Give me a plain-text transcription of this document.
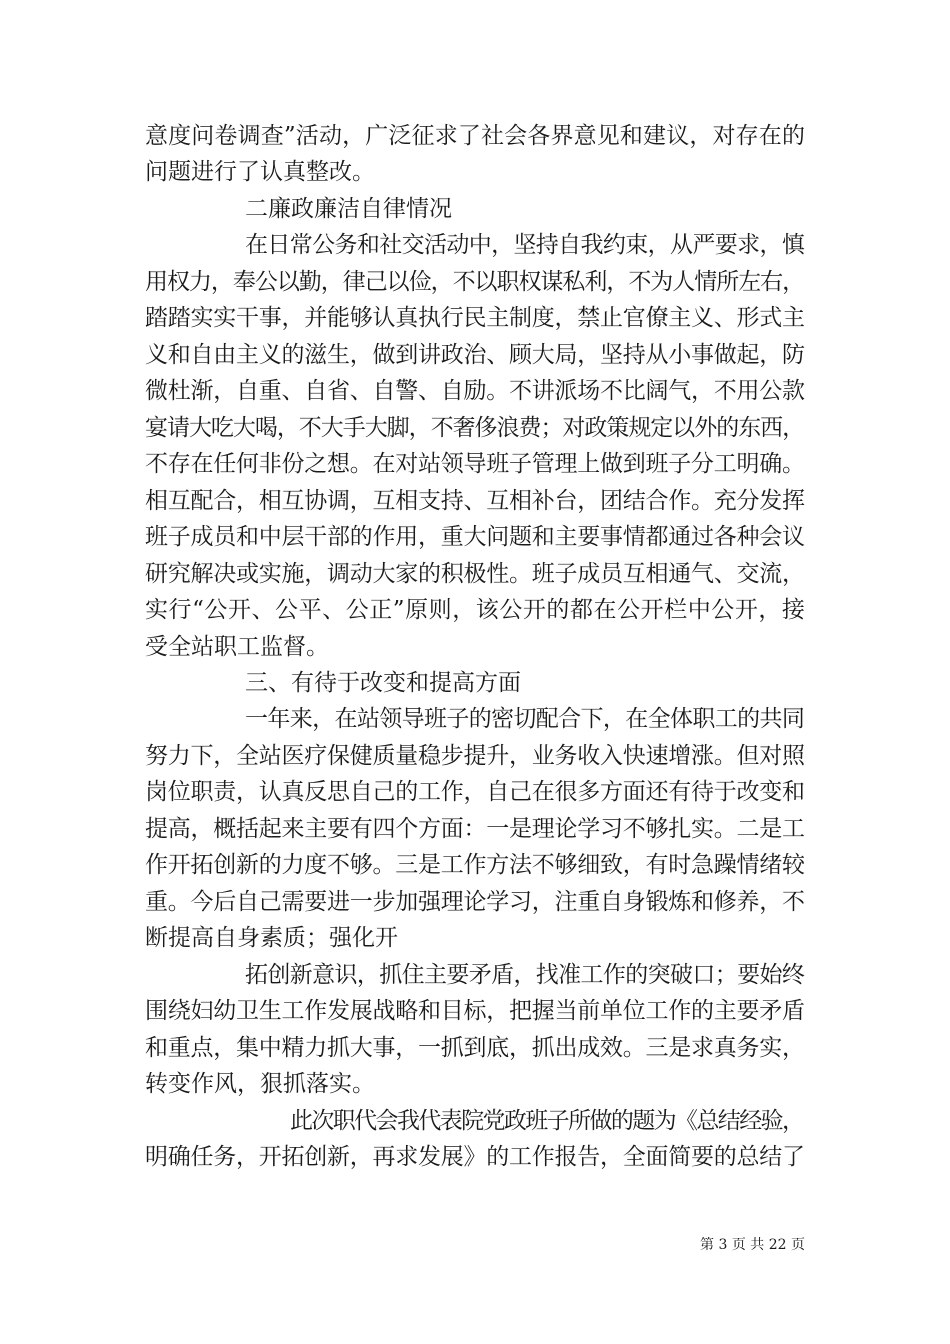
意度问卷调查”活动，广泛征求了社会各界意见和建议，对存在的
问题进行了认真整改。
二廉政廉洁自律情况
在日常公务和社交活动中，坚持自我约束，从严要求，慎
用权力，奉公以勤，律己以俭，不以职权谋私利，不为人情所左右，
踏踏实实干事，并能够认真执行民主制度，禁止官僚主义、形式主
义和自由主义的滋生，做到讲政治、顾大局，坚持从小事做起，防
微杜渐，自重、自省、自警、自励。不讲派场不比阔气，不用公款
宴请大吃大喝，不大手大脚，不奢侈浪费；对政策规定以外的东西，
不存在任何非份之想。在对站领导班子管理上做到班子分工明确。
相互配合，相互协调，互相支持、互相补台，团结合作。充分发挥
班子成员和中层干部的作用，重大问题和主要事情都通过各种会议
研究解决或实施，调动大家的积极性。班子成员互相通气、交流，
实行“公开、公平、公正”原则，该公开的都在公开栏中公开，接
受全站职工监督。
三、有待于改变和提高方面
一年来，在站领导班子的密切配合下，在全体职工的共同
努力下，全站医疗保健质量稳步提升，业务收入快速增涨。但对照
岗位职责，认真反思自己的工作，自己在很多方面还有待于改变和
提高，概括起来主要有四个方面：一是理论学习不够扎实。二是工
作开拓创新的力度不够。三是工作方法不够细致，有时急躁情绪较
重。今后自己需要进一步加强理论学习，注重自身锻炼和修养，不
断提高自身素质；强化开
拓创新意识，抓住主要矛盾，找准工作的突破口；要始终
围绕妇幼卫生工作发展战略和目标，把握当前单位工作的主要矛盾
和重点，集中精力抓大事，一抓到底，抓出成效。三是求真务实，
转变作风，狠抓落实。
此次职代会我代表院党政班子所做的题为《总结经验，
明确任务，开拓创新，再求发展》的工作报告，全面简要的总结了
第 3 页 共 22 页
